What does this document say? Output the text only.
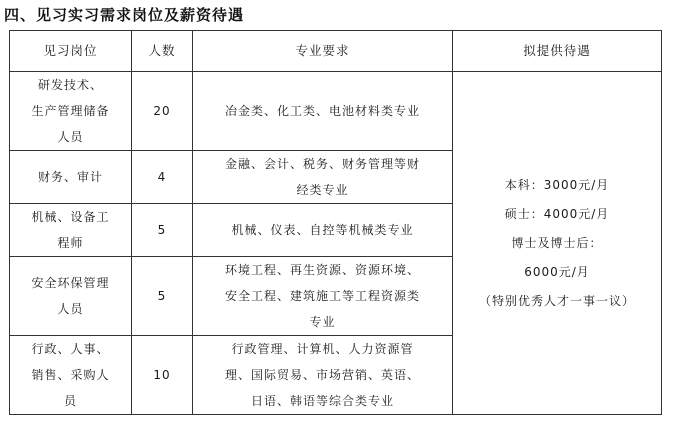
四、见习实习需求岗位及薪资待遇
见习岗位	人数	专业要求	拟提供待遇
研发技术、
生产管理储备
人员	20	冶金类、化工类、电池材料类专业	本科：3000元/月
硕士：4000元/月
博士及博士后：
6000元/月
（特别优秀人才一事一议）

财务、审计	4	金融、会计、税务、财务管理等财
经类专业	
机械、设备工
程师	5	机械、仪表、自控等机械类专业	
安全环保管理
人员	5	环境工程、再生资源、资源环境、
安全工程、建筑施工等工程资源类
专业	
行政、人事、
销售、采购人
员	10	行政管理、计算机、人力资源管
理、国际贸易、市场营销、英语、
日语、韩语等综合类专业	
